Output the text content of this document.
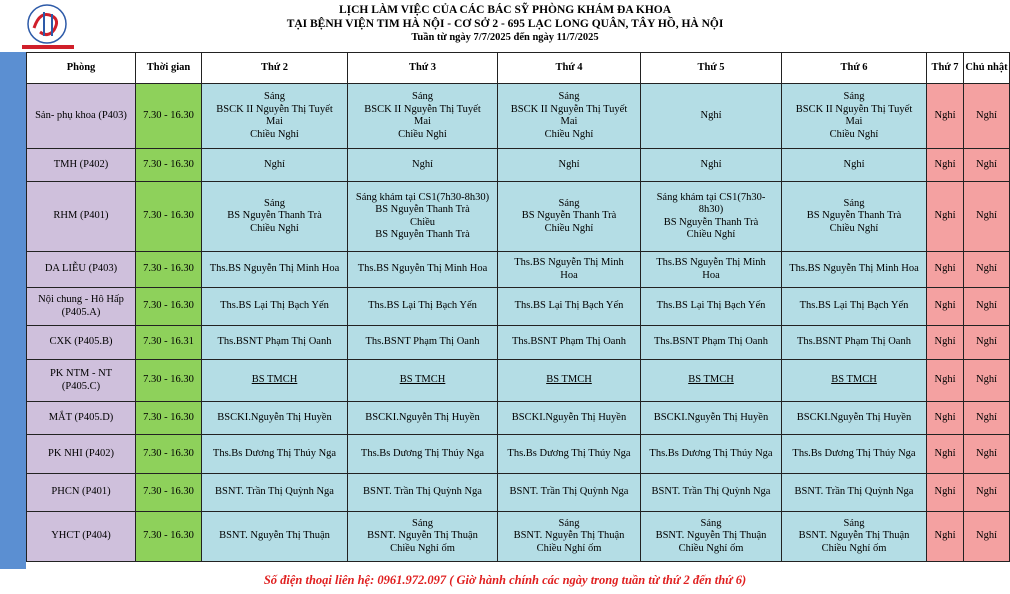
LỊCH LÀM VIỆC CỦA CÁC BÁC SỸ PHÒNG KHÁM ĐA KHOA
TẠI BỆNH VIỆN TIM HÀ NỘI - CƠ SỞ 2 - 695 LẠC LONG QUÂN, TÂY HỒ, HÀ NỘI
Tuần từ ngày 7/7/2025 đến ngày 11/7/2025
Phòng	Thời gian	Thứ 2	Thứ 3	Thứ 4	Thứ 5	Thứ 6	Thứ 7	Chủ nhật

Sản- phụ khoa (P403)	7.30 - 16.30	Sáng
BSCK II Nguyễn Thị Tuyết
Mai
Chiều Nghỉ	Sáng
BSCK II Nguyễn Thị Tuyết
Mai
Chiều Nghỉ	Sáng
BSCK II Nguyễn Thị Tuyết
Mai
Chiều Nghỉ	Nghỉ	Sáng
BSCK II Nguyễn Thị Tuyết
Mai
Chiều Nghỉ	Nghỉ	Nghỉ

TMH (P402)	7.30 - 16.30	Nghỉ	Nghỉ	Nghỉ	Nghỉ	Nghỉ	Nghỉ	Nghỉ

RHM (P401)	7.30 - 16.30	Sáng
BS Nguyễn Thanh Trà
Chiều Nghỉ	Sáng khám tại CS1(7h30-8h30)
BS Nguyễn Thanh Trà
Chiều
BS Nguyễn Thanh Trà	Sáng
BS Nguyễn Thanh Trà
Chiều Nghỉ	Sáng khám tại CS1(7h30-
8h30)
BS Nguyễn Thanh Trà
Chiều Nghỉ	Sáng
BS Nguyễn Thanh Trà
Chiều Nghỉ	Nghỉ	Nghỉ

DA LIỄU (P403)	7.30 - 16.30	Ths.BS Nguyễn Thị Minh Hoa	Ths.BS Nguyễn Thị Minh Hoa	Ths.BS Nguyễn Thị Minh
Hoa	Ths.BS Nguyễn Thị Minh
Hoa	Ths.BS Nguyễn Thị Minh Hoa	Nghỉ	Nghỉ

Nội chung - Hô Hấp
(P405.A)	7.30 - 16.30	Ths.BS Lại Thị Bạch Yến	Ths.BS Lại Thị Bạch Yến	Ths.BS Lại Thị Bạch Yến	Ths.BS Lại Thị Bạch Yến	Ths.BS Lại Thị Bạch Yến	Nghỉ	Nghỉ

CXK (P405.B)	7.30 - 16.31	Ths.BSNT Phạm Thị Oanh	Ths.BSNT Phạm Thị Oanh	Ths.BSNT Phạm Thị Oanh	Ths.BSNT Phạm Thị Oanh	Ths.BSNT Phạm Thị Oanh	Nghỉ	Nghỉ

PK NTM - NT
(P405.C)	7.30 - 16.30	BS TMCH	BS TMCH	BS TMCH	BS TMCH	BS TMCH	Nghỉ	Nghỉ

MẮT (P405.D)	7.30 - 16.30	BSCKI.Nguyễn Thị Huyền	BSCKI.Nguyễn Thị Huyền	BSCKI.Nguyễn Thị Huyền	BSCKI.Nguyễn Thị Huyền	BSCKI.Nguyễn Thị Huyền	Nghỉ	Nghỉ

PK NHI (P402)	7.30 - 16.30	Ths.Bs Dương Thị Thúy Nga	Ths.Bs Dương Thị Thúy Nga	Ths.Bs Dương Thị Thúy Nga	Ths.Bs Dương Thị Thúy Nga	Ths.Bs Dương Thị Thúy Nga	Nghỉ	Nghỉ

PHCN (P401)	7.30 - 16.30	BSNT. Trần Thị Quỳnh Nga	BSNT. Trần Thị Quỳnh Nga	BSNT. Trần Thị Quỳnh Nga	BSNT. Trần Thị Quỳnh Nga	BSNT. Trần Thị Quỳnh Nga	Nghỉ	Nghỉ

YHCT (P404)	7.30 - 16.30	BSNT. Nguyễn Thị Thuận	Sáng
BSNT. Nguyễn Thị Thuận
Chiều Nghỉ ốm	Sáng
BSNT. Nguyễn Thị Thuận
Chiều Nghỉ ốm	Sáng
BSNT. Nguyễn Thị Thuận
Chiều Nghỉ ốm	Sáng
BSNT. Nguyễn Thị Thuận
Chiều Nghỉ ốm	Nghỉ	Nghỉ
Số điện thoại liên hệ: 0961.972.097 ( Giờ hành chính các ngày trong tuần từ thứ 2 đến thứ 6)
